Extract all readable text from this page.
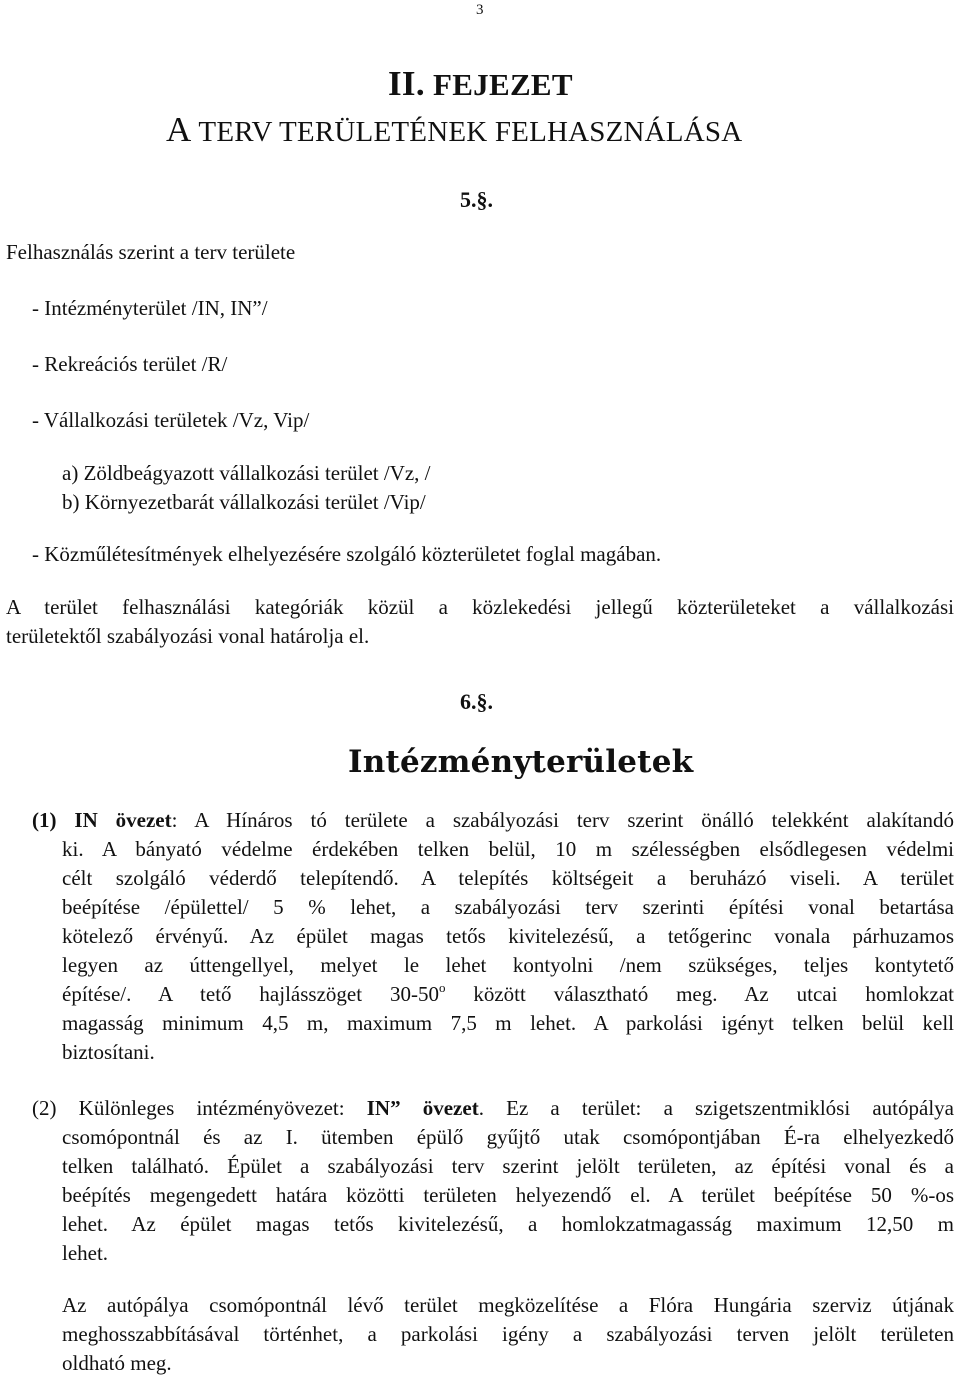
3
II. FEJEZET
A TERV TERÜLETÉNEK FELHASZNÁLÁSA
5.§.
Felhasználás szerint a terv területe
- Intézményterület /IN, IN”/
- Rekreációs terület /R/
- Vállalkozási területek /Vz, Vip/
a) Zöldbeágyazott vállalkozási terület /Vz, /
b) Környezetbarát vállalkozási terület /Vip/
- Közműlétesítmények elhelyezésére szolgáló közterületet foglal magában.
A terület felhasználási kategóriák közül a közlekedési jellegű közterületeket a vállalkozási
területektől szabályozási vonal határolja el.
6.§.
Intézményterületek
(1) IN övezet: A Hínáros tó területe a szabályozási terv szerint önálló telekként alakítandó
ki. A bányató védelme érdekében telken belül, 10 m szélességben elsődlegesen védelmi
célt szolgáló véderdő telepítendő. A telepítés költségeit a beruházó viseli. A terület
beépítése /épülettel/ 5 % lehet, a szabályozási terv szerinti építési vonal betartása
kötelező érvényű. Az épület magas tetős kivitelezésű, a tetőgerinc vonala párhuzamos
legyen az úttengellyel, melyet le lehet kontyolni /nem szükséges, teljes kontytető
építése/. A tető hajlásszöget 30-50$^o$ között választható meg. Az utcai homlokzat
magasság minimum 4,5 m, maximum 7,5 m lehet. A parkolási igényt telken belül kell
biztosítani.
(2) Különleges intézményövezet: IN” övezet. Ez a terület: a szigetszentmiklósi autópálya
csomópontnál és az I. ütemben épülő gyűjtő utak csomópontjában É-ra elhelyezkedő
telken található. Épület a szabályozási terv szerint jelölt területen, az építési vonal és a
beépítés megengedett határa közötti területen helyezendő el. A terület beépítése 50 %-os
lehet. Az épület magas tetős kivitelezésű, a homlokzatmagasság maximum 12,50 m
lehet.
Az autópálya csomópontnál lévő terület megközelítése a Flóra Hungária szerviz útjának
meghosszabbításával történhet, a parkolási igény a szabályozási terven jelölt területen
oldható meg.
